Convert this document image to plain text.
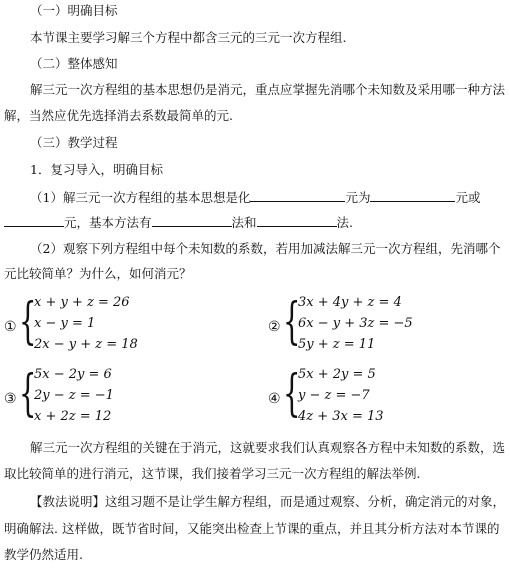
（一）明确目标
本节课主要学习解三个方程中都含三元的三元一次方程组.
（二）整体感知
解三元一次方程组的基本思想仍是消元，重点应掌握先消哪个未知数及采用哪一种方法
解，当然应优先选择消去系数最简单的元.
（三）教学过程
1．复习导入，明确目标
（1）解三元一次方程组的基本思想是化	元为	元或
元，基本方法有	法和	法.
（2）观察下列方程组中每个未知数的系数，若用加减法解三元一次方程组，先消哪个
元比较简单？为什么，如何消元？
① {
x + y + z = 26
x − y = 1
2x − y + z = 18
② {
3x + 4y + z = 4
6x − y + 3z = −5
5y + z = 11
③ {
5x − 2y = 6
2y − z = −1
x + 2z = 12
④ {
5x + 2y = 5
y − z = −7
4z + 3x = 13
解三元一次方程组的关键在于消元，这就要求我们认真观察各方程中未知数的系数，选
取比较简单的进行消元，这节课，我们接着学习三元一次方程组的解法举例.
【教法说明】这组习题不是让学生解方程组，而是通过观察、分析，确定消元的对象，
明确解法. 这样做，既节省时间，又能突出检查上节课的重点，并且其分析方法对本节课的
教学仍然适用.
